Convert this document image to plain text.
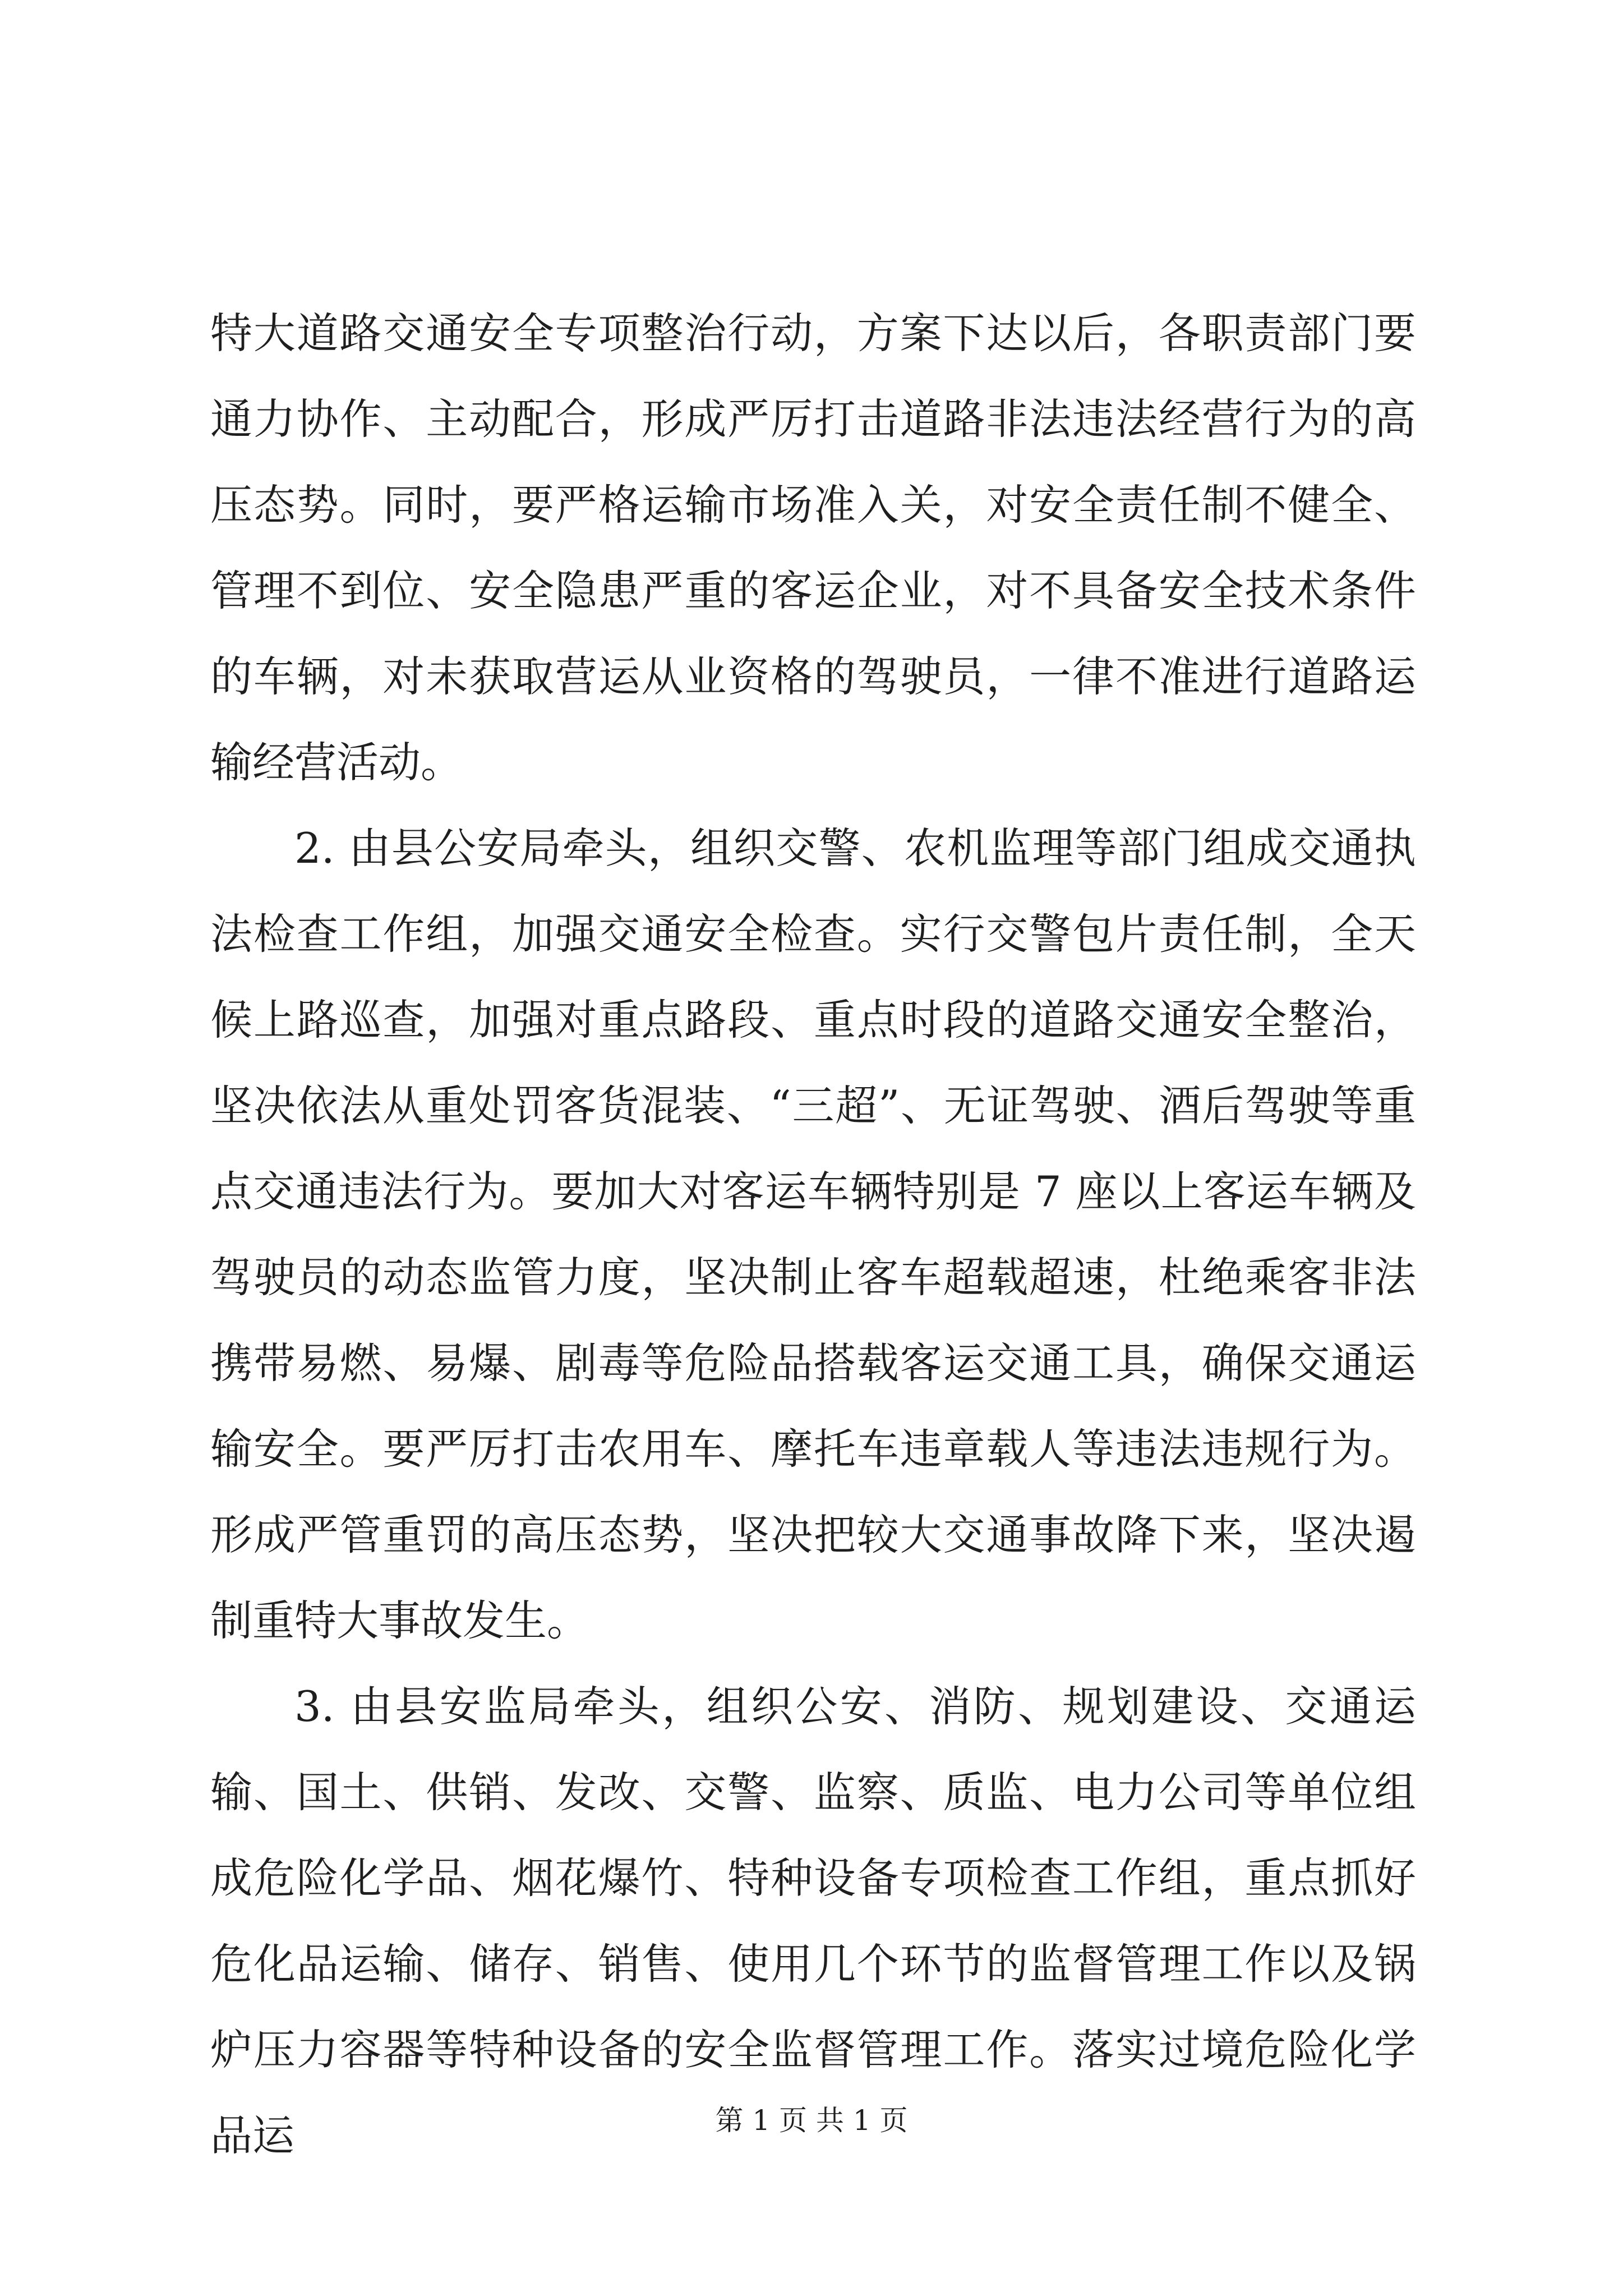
特大道路交通安全专项整治行动，方案下达以后，各职责部门要通力协作、主动配合，形成严厉打击道路非法违法经营行为的高压态势。同时，要严格运输市场准入关，对安全责任制不健全、管理不到位、安全隐患严重的客运企业，对不具备安全技术条件的车辆，对未获取营运从业资格的驾驶员，一律不准进行道路运输经营活动。

2. 由县公安局牵头，组织交警、农机监理等部门组成交通执法检查工作组，加强交通安全检查。实行交警包片责任制，全天候上路巡查，加强对重点路段、重点时段的道路交通安全整治，坚决依法从重处罚客货混装、“三超”、无证驾驶、酒后驾驶等重点交通违法行为。要加大对客运车辆特别是 7 座以上客运车辆及驾驶员的动态监管力度，坚决制止客车超载超速，杜绝乘客非法携带易燃、易爆、剧毒等危险品搭载客运交通工具，确保交通运输安全。要严厉打击农用车、摩托车违章载人等违法违规行为。形成严管重罚的高压态势，坚决把较大交通事故降下来，坚决遏制重特大事故发生。

3. 由县安监局牵头，组织公安、消防、规划建设、交通运输、国土、供销、发改、交警、监察、质监、电力公司等单位组成危险化学品、烟花爆竹、特种设备专项检查工作组，重点抓好危化品运输、储存、销售、使用几个环节的监督管理工作以及锅炉压力容器等特种设备的安全监督管理工作。落实过境危险化学品运	第 1 页 共 1 页
